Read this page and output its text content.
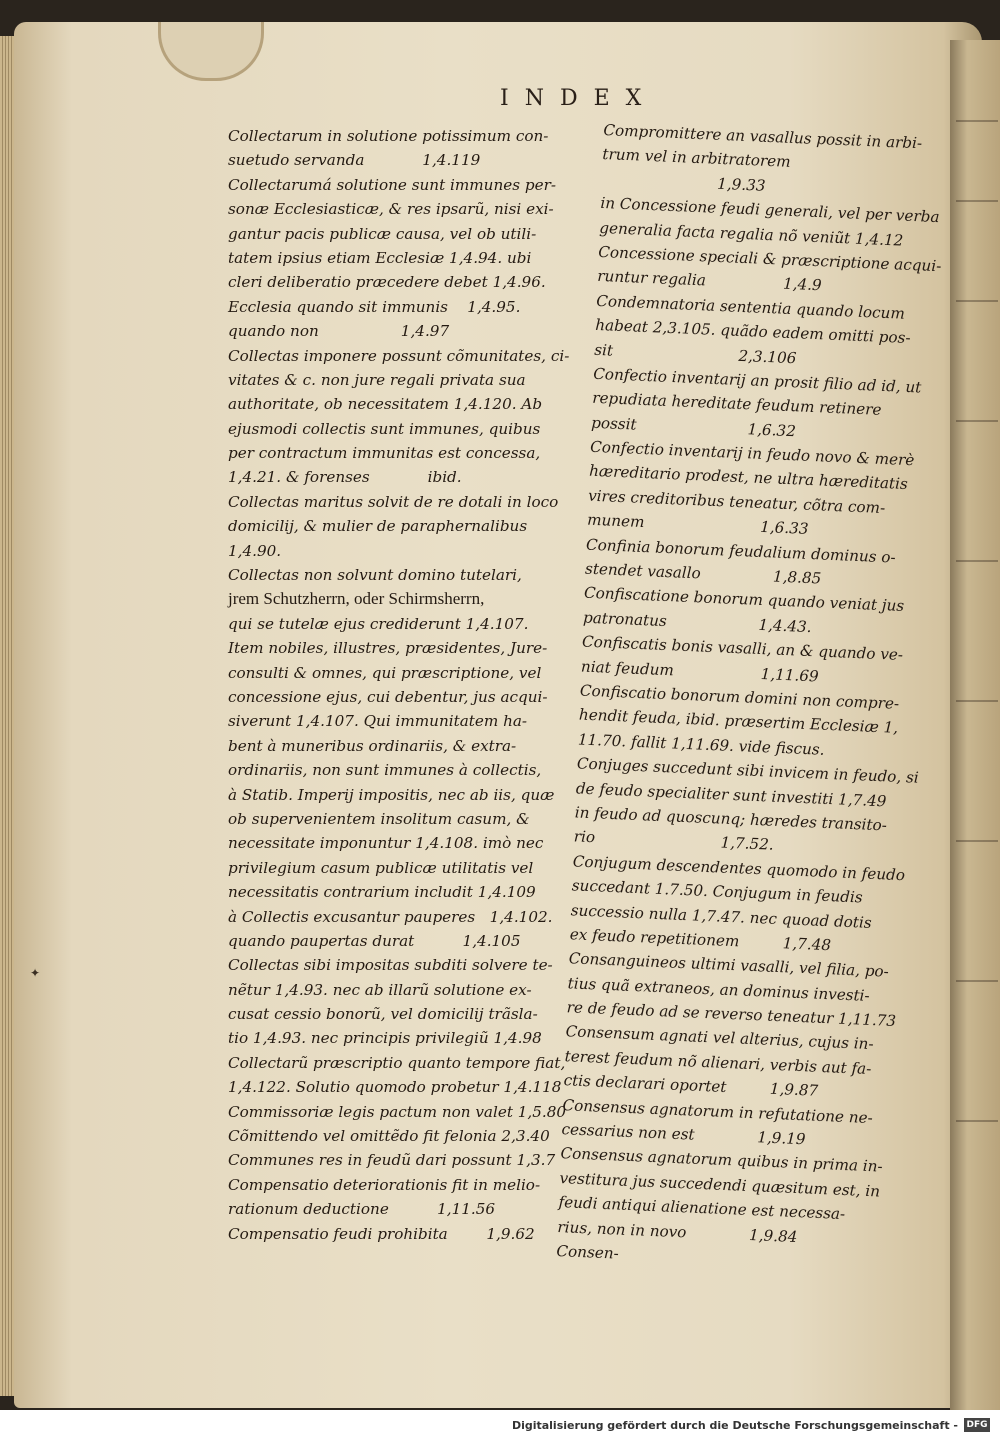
INDEX
Collectarum in solutione potissimum con-
suetudo servanda            1,4.119
Collectarumá solutione sunt immunes per-
sonæ Ecclesiasticæ, & res ipsarũ, nisi exi-
gantur pacis publicæ causa, vel ob utili-
tatem ipsius etiam Ecclesiæ 1,4.94. ubi
cleri deliberatio præcedere debet 1,4.96.
Ecclesia quando sit immunis    1,4.95.
quando non                 1,4.97
Collectas imponere possunt cõmunitates, ci-
vitates & c. non jure regali privata sua
authoritate, ob necessitatem 1,4.120. Ab
ejusmodi collectis sunt immunes, quibus
per contractum immunitas est concessa,
1,4.21. & forenses            ibid.
Collectas maritus solvit de re dotali in loco
domicilij, & mulier de paraphernalibus
1,4.90.
Collectas non solvunt domino tutelari,
jrem Schutzherrn, oder Schirmsherrn,
qui se tutelæ ejus crediderunt 1,4.107.
Item nobiles, illustres, præsidentes, Jure-
consulti & omnes, qui præscriptione, vel
concessione ejus, cui debentur, jus acqui-
siverunt 1,4.107. Qui immunitatem ha-
bent à muneribus ordinariis, & extra-
ordinariis, non sunt immunes à collectis,
à Statib. Imperij impositis, nec ab iis, quæ
ob supervenientem insolitum casum, &
necessitate imponuntur 1,4.108. imò nec
privilegium casum publicæ utilitatis vel
necessitatis contrarium includit 1,4.109
à Collectis excusantur pauperes   1,4.102.
quando paupertas durat          1,4.105
Collectas sibi impositas subditi solvere te-
nẽtur 1,4.93. nec ab illarũ solutione ex-
cusat cessio bonorũ, vel domicilij trãsla-
tio 1,4.93. nec principis privilegiũ 1,4.98
Collectarũ præscriptio quanto tempore fiat,
1,4.122. Solutio quomodo probetur 1,4.118
Commissoriæ legis pactum non valet 1,5.80
Cõmittendo vel omittẽdo fit felonia 2,3.40
Communes res in feudũ dari possunt 1,3.7
Compensatio deteriorationis fit in melio-
rationum deductione          1,11.56
Compensatio feudi prohibita        1,9.62
Compromittere an vasallus possit in arbi-
trum vel in arbitratorem
1,9.33
in Concessione feudi generali, vel per verba
generalia facta regalia nõ veniũt 1,4.12
Concessione speciali & præscriptione acqui-
runtur regalia                1,4.9
Condemnatoria sententia quando locum
habeat 2,3.105. quãdo eadem omitti pos-
sit                          2,3.106
Confectio inventarij an prosit filio ad id, ut
repudiata hereditate feudum retinere
possit                       1,6.32
Confectio inventarij in feudo novo & merè
hæreditario prodest, ne ultra hæreditatis
vires creditoribus teneatur, cõtra com-
munem                        1,6.33
Confinia bonorum feudalium dominus o-
stendet vasallo               1,8.85
Confiscatione bonorum quando veniat jus
patronatus                   1,4.43.
Confiscatis bonis vasalli, an & quando ve-
niat feudum                  1,11.69
Confiscatio bonorum domini non compre-
hendit feuda, ibid. præsertim Ecclesiæ 1,
11.70. fallit 1,11.69. vide fiscus.
Conjuges succedunt sibi invicem in feudo, si
de feudo specialiter sunt investiti 1,7.49
in feudo ad quoscunq; hæredes transito-
rio                          1,7.52.
Conjugum descendentes quomodo in feudo
succedant 1.7.50. Conjugum in feudis
successio nulla 1,7.47. nec quoad dotis
ex feudo repetitionem         1,7.48
Consanguineos ultimi vasalli, vel filia, po-
tius quã extraneos, an dominus investi-
re de feudo ad se reverso teneatur 1,11.73
Consensum agnati vel alterius, cujus in-
terest feudum nõ alienari, verbis aut fa-
ctis declarari oportet         1,9.87
Consensus agnatorum in refutatione ne-
cessarius non est             1,9.19
Consensus agnatorum quibus in prima in-
vestitura jus succedendi quæsitum est, in
feudi antiqui alienatione est necessa-
rius, non in novo             1,9.84
Consen-
✦
Digitalisierung gefördert durch die Deutsche Forschungsgemeinschaft - DFG
